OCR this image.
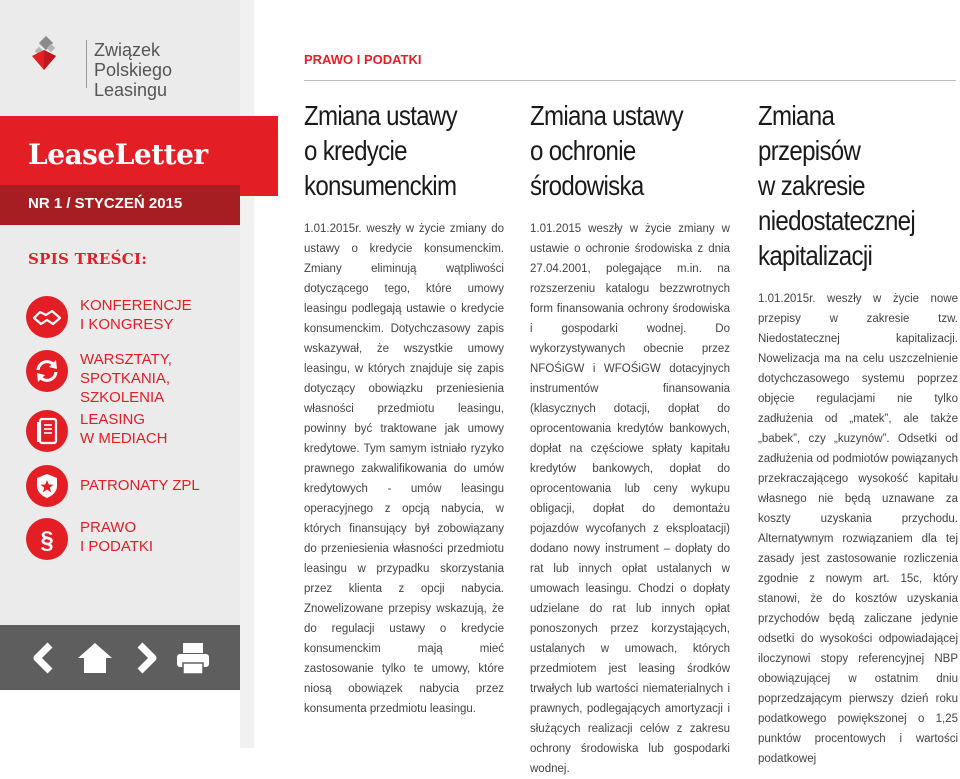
Związek Polskiego
Leasingu
LeaseLetter
NR 1 / STYCZEŃ 2015
SPIS TREŚCI:
KONFERENCJE
I KONGRESY
WARSZTATY,
SPOTKANIA,
SZKOLENIA
LEASING
W MEDIACH
PATRONATY ZPL
§ PRAWO
I PODATKI
PRAWO I PODATKI
Zmiana ustawy
o kredycie
konsumenckim

1.01.2015r. weszły w życie zmiany do ustawy o kredycie konsumenckim. Zmiany eliminują wątpliwości dotyczącego tego, które umowy leasingu podlegają ustawie o kredycie konsumenckim. Dotychczasowy zapis wskazywał, że wszystkie umowy leasingu, w których znajduje się zapis dotyczący obowiązku przeniesienia własności przedmiotu leasingu, powinny być traktowane jak umowy kredytowe. Tym samym istniało ryzyko prawnego zakwalifikowania do umów kredytowych - umów leasingu operacyjnego z opcją nabycia, w których finansujący był zobowiązany do przeniesienia własności przedmiotu leasingu w przypadku skorzystania przez klienta z opcji nabycia. Znowelizowane przepisy wskazują, że do regulacji ustawy o kredycie konsumenckim mają mieć zastosowanie tylko te umowy, które niosą obowiązek nabycia przez konsumenta przedmiotu leasingu.

Zmiana ustawy
o ochronie
środowiska

1.01.2015 weszły w życie zmiany w ustawie o ochronie środowiska z dnia 27.04.2001, polegające m.in. na rozszerzeniu katalogu bezzwrotnych form finansowania ochrony środowiska i gospodarki wodnej. Do wykorzystywanych obecnie przez NFOŚiGW i WFOŚiGW dotacyjnych instrumentów finansowania (klasycznych dotacji, dopłat do oprocentowania kredytów bankowych, dopłat na częściowe spłaty kapitału kredytów bankowych, dopłat do oprocentowania lub ceny wykupu obligacji, dopłat do demontażu pojazdów wycofanych z eksploatacji) dodano nowy instrument – dopłaty do rat lub innych opłat ustalanych w umowach leasingu. Chodzi o dopłaty udzielane do rat lub innych opłat ponoszonych przez korzystających, ustalanych w umowach, których przedmiotem jest leasing środków trwałych lub wartości niematerialnych i prawnych, podlegających amortyzacji i służących realizacji celów z zakresu ochrony środowiska lub gospodarki wodnej.

Zmiana
przepisów
w zakresie
niedostatecznej
kapitalizacji

1.01.2015r. weszły w życie nowe przepisy w zakresie tzw. Niedostatecznej kapitalizacji. Nowelizacja ma na celu uszczelnienie dotychczasowego systemu poprzez objęcie regulacjami nie tylko zadłużenia od „matek”, ale także „babek”, czy „kuzynów”. Odsetki od zadłużenia od podmiotów powiązanych przekraczającego wysokość kapitału własnego nie będą uznawane za koszty uzyskania przychodu. Alternatywnym rozwiązaniem dla tej zasady jest zastosowanie rozliczenia zgodnie z nowym art. 15c, który stanowi, że do kosztów uzyskania przychodów będą zaliczane jedynie odsetki do wysokości odpowiadającej iloczynowi stopy referencyjnej NBP obowiązującej w ostatnim dniu poprzedzającym pierwszy dzień roku podatkowego powiększonej o 1,25 punktów procentowych i wartości podatkowej
